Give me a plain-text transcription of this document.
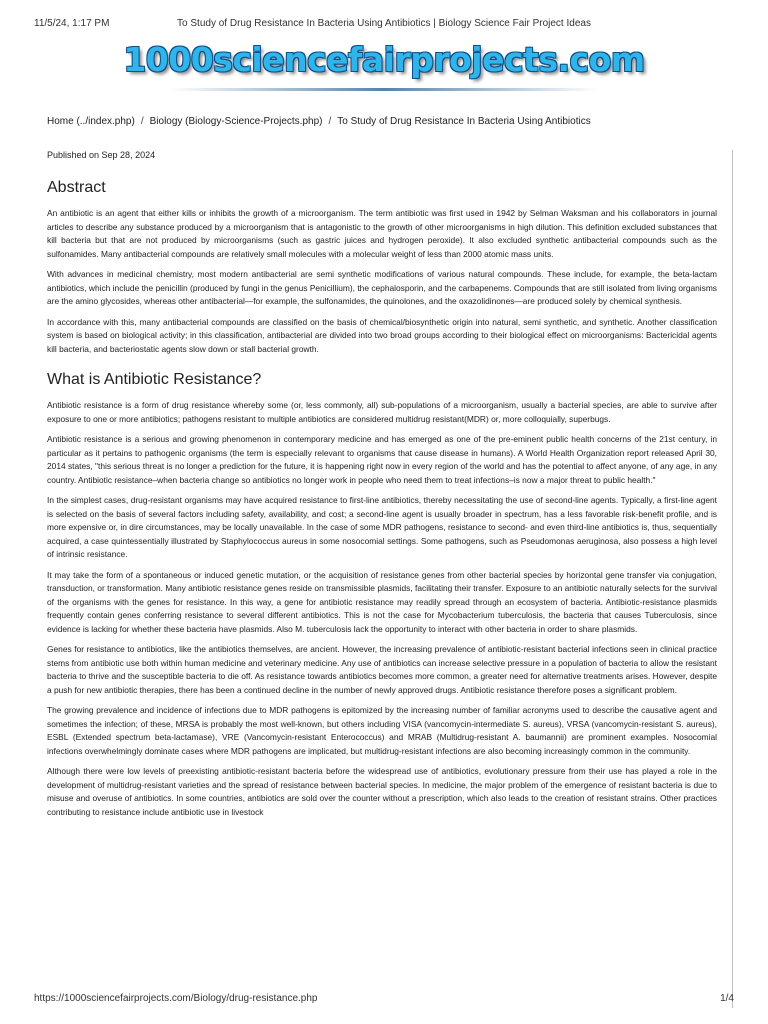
11/5/24, 1:17 PM	To Study of Drug Resistance In Bacteria Using Antibiotics | Biology Science Fair Project Ideas
1000sciencefairprojects.com
Home (../index.php) / Biology (Biology-Science-Projects.php) / To Study of Drug Resistance In Bacteria Using Antibiotics
Published on Sep 28, 2024
Abstract

An antibiotic is an agent that either kills or inhibits the growth of a microorganism. The term antibiotic was first used in 1942 by Selman Waksman and his collaborators in journal articles to describe any substance produced by a microorganism that is antagonistic to the growth of other microorganisms in high dilution. This definition excluded substances that kill bacteria but that are not produced by microorganisms (such as gastric juices and hydrogen peroxide). It also excluded synthetic antibacterial compounds such as the sulfonamides. Many antibacterial compounds are relatively small molecules with a molecular weight of less than 2000 atomic mass units.

With advances in medicinal chemistry, most modern antibacterial are semi synthetic modifications of various natural compounds. These include, for example, the beta-lactam antibiotics, which include the penicillin (produced by fungi in the genus Penicillium), the cephalosporin, and the carbapenems. Compounds that are still isolated from living organisms are the amino glycosides, whereas other antibacterial—for example, the sulfonamides, the quinolones, and the oxazolidinones—are produced solely by chemical synthesis.

In accordance with this, many antibacterial compounds are classified on the basis of chemical/biosynthetic origin into natural, semi synthetic, and synthetic. Another classification system is based on biological activity; in this classification, antibacterial are divided into two broad groups according to their biological effect on microorganisms: Bactericidal agents kill bacteria, and bacteriostatic agents slow down or stall bacterial growth.

What is Antibiotic Resistance?

Antibiotic resistance is a form of drug resistance whereby some (or, less commonly, all) sub-populations of a microorganism, usually a bacterial species, are able to survive after exposure to one or more antibiotics; pathogens resistant to multiple antibiotics are considered multidrug resistant(MDR) or, more colloquially, superbugs.

Antibiotic resistance is a serious and growing phenomenon in contemporary medicine and has emerged as one of the pre-eminent public health concerns of the 21st century, in particular as it pertains to pathogenic organisms (the term is especially relevant to organisms that cause disease in humans). A World Health Organization report released April 30, 2014 states, "this serious threat is no longer a prediction for the future, it is happening right now in every region of the world and has the potential to affect anyone, of any age, in any country. Antibiotic resistance–when bacteria change so antibiotics no longer work in people who need them to treat infections–is now a major threat to public health."

In the simplest cases, drug-resistant organisms may have acquired resistance to first-line antibiotics, thereby necessitating the use of second-line agents. Typically, a first-line agent is selected on the basis of several factors including safety, availability, and cost; a second-line agent is usually broader in spectrum, has a less favorable risk-benefit profile, and is more expensive or, in dire circumstances, may be locally unavailable. In the case of some MDR pathogens, resistance to second- and even third-line antibiotics is, thus, sequentially acquired, a case quintessentially illustrated by Staphylococcus aureus in some nosocomial settings. Some pathogens, such as Pseudomonas aeruginosa, also possess a high level of intrinsic resistance.

It may take the form of a spontaneous or induced genetic mutation, or the acquisition of resistance genes from other bacterial species by horizontal gene transfer via conjugation, transduction, or transformation. Many antibiotic resistance genes reside on transmissible plasmids, facilitating their transfer. Exposure to an antibiotic naturally selects for the survival of the organisms with the genes for resistance. In this way, a gene for antibiotic resistance may readily spread through an ecosystem of bacteria. Antibiotic-resistance plasmids frequently contain genes conferring resistance to several different antibiotics. This is not the case for Mycobacterium tuberculosis, the bacteria that causes Tuberculosis, since evidence is lacking for whether these bacteria have plasmids. Also M. tuberculosis lack the opportunity to interact with other bacteria in order to share plasmids.

Genes for resistance to antibiotics, like the antibiotics themselves, are ancient. However, the increasing prevalence of antibiotic-resistant bacterial infections seen in clinical practice stems from antibiotic use both within human medicine and veterinary medicine. Any use of antibiotics can increase selective pressure in a population of bacteria to allow the resistant bacteria to thrive and the susceptible bacteria to die off. As resistance towards antibiotics becomes more common, a greater need for alternative treatments arises. However, despite a push for new antibiotic therapies, there has been a continued decline in the number of newly approved drugs. Antibiotic resistance therefore poses a significant problem.

The growing prevalence and incidence of infections due to MDR pathogens is epitomized by the increasing number of familiar acronyms used to describe the causative agent and sometimes the infection; of these, MRSA is probably the most well-known, but others including VISA (vancomycin-intermediate S. aureus), VRSA (vancomycin-resistant S. aureus), ESBL (Extended spectrum beta-lactamase), VRE (Vancomycin-resistant Enterococcus) and MRAB (Multidrug-resistant A. baumannii) are prominent examples. Nosocomial infections overwhelmingly dominate cases where MDR pathogens are implicated, but multidrug-resistant infections are also becoming increasingly common in the community.

Although there were low levels of preexisting antibiotic-resistant bacteria before the widespread use of antibiotics, evolutionary pressure from their use has played a role in the development of multidrug-resistant varieties and the spread of resistance between bacterial species. In medicine, the major problem of the emergence of resistant bacteria is due to misuse and overuse of antibiotics. In some countries, antibiotics are sold over the counter without a prescription, which also leads to the creation of resistant strains. Other practices contributing to resistance include antibiotic use in livestock

https://1000sciencefairprojects.com/Biology/drug-resistance.php	1/4
